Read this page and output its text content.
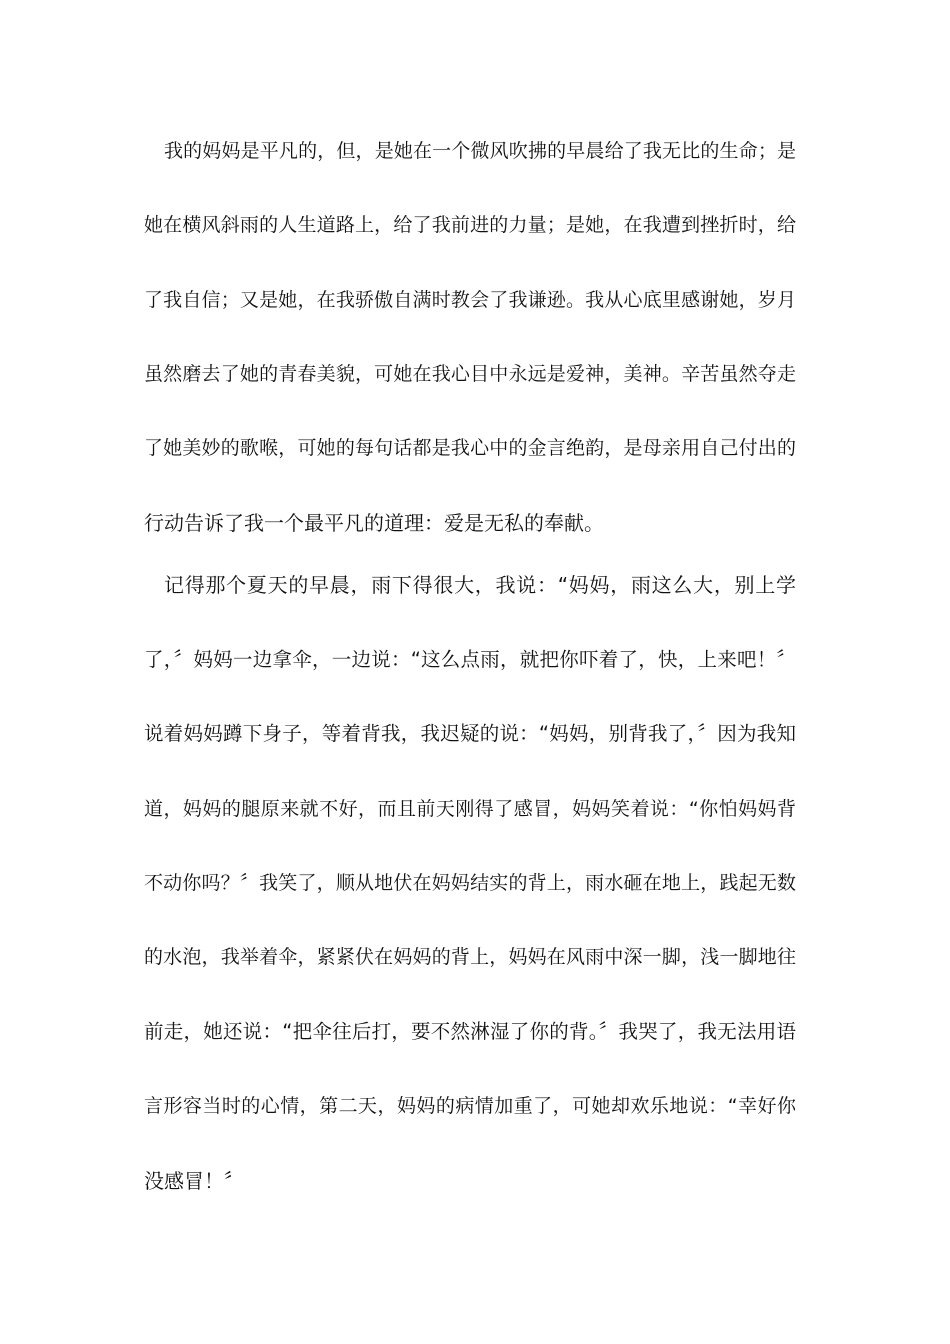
我的妈妈是平凡的，但，是她在一个微风吹拂的早晨给了我无比的生命；是
她在横风斜雨的人生道路上，给了我前进的力量；是她，在我遭到挫折时，给
了我自信；又是她，在我骄傲自满时教会了我谦逊。我从心底里感谢她，岁月
虽然磨去了她的青春美貌，可她在我心目中永远是爱神，美神。辛苦虽然夺走
了她美妙的歌喉，可她的每句话都是我心中的金言绝韵，是母亲用自己付出的
行动告诉了我一个最平凡的道理：爱是无私的奉献。
记得那个夏天的早晨，雨下得很大，我说：“妈妈，雨这么大，别上学
了，〞妈妈一边拿伞，一边说：“这么点雨，就把你吓着了，快，上来吧！〞
说着妈妈蹲下身子，等着背我，我迟疑的说：“妈妈，别背我了，〞因为我知
道，妈妈的腿原来就不好，而且前天刚得了感冒，妈妈笑着说：“你怕妈妈背
不动你吗？〞我笑了，顺从地伏在妈妈结实的背上，雨水砸在地上，践起无数
的水泡，我举着伞，紧紧伏在妈妈的背上，妈妈在风雨中深一脚，浅一脚地往
前走，她还说：“把伞往后打，要不然淋湿了你的背。〞我哭了，我无法用语
言形容当时的心情，第二天，妈妈的病情加重了，可她却欢乐地说：“幸好你
没感冒！〞
